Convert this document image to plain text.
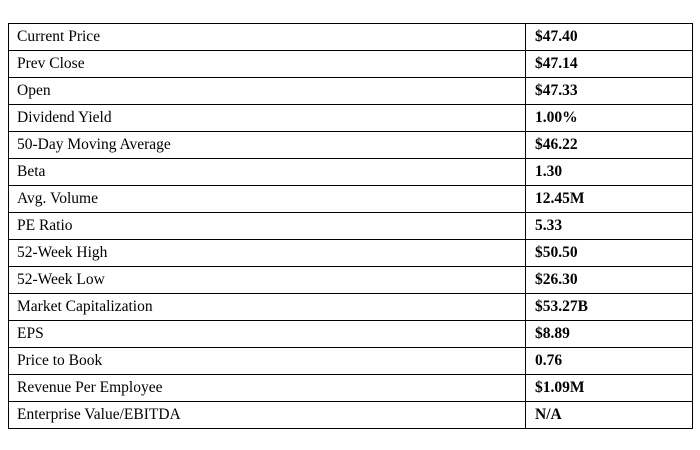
Current Price	$47.40
Prev Close	$47.14
Open	$47.33
Dividend Yield	1.00%
50-Day Moving Average	$46.22
Beta	1.30
Avg. Volume	12.45M
PE Ratio	5.33
52-Week High	$50.50
52-Week Low	$26.30
Market Capitalization	$53.27B
EPS	$8.89
Price to Book	0.76
Revenue Per Employee	$1.09M
Enterprise Value/EBITDA	N/A
